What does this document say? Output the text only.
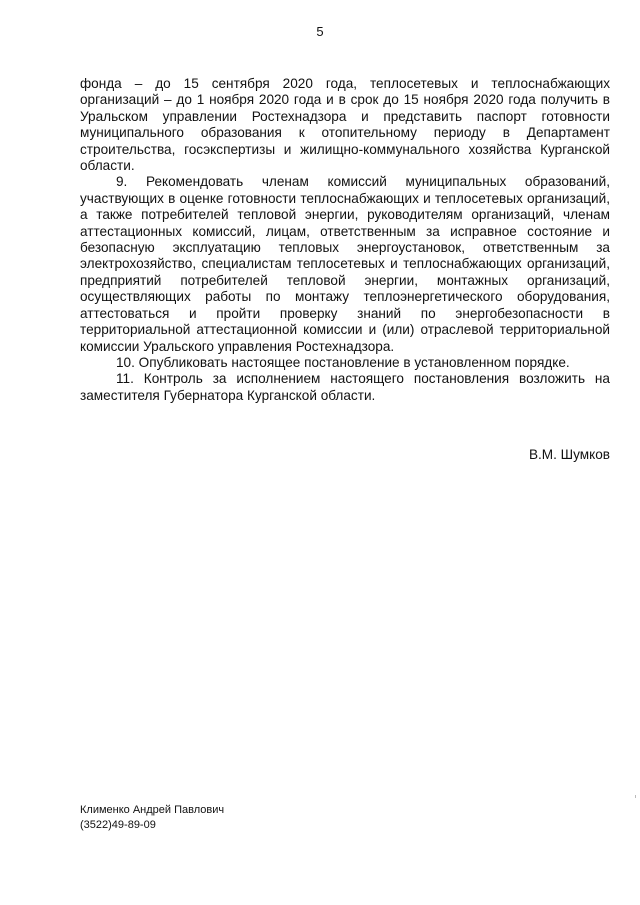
5

фонда – до 15 сентября 2020 года, теплосетевых и теплоснабжающих организаций – до 1 ноября 2020 года и в срок до 15 ноября 2020 года получить в Уральском управлении Ростехнадзора и представить паспорт готовности муниципального образования к отопительному периоду в Департамент строительства, госэкспертизы и жилищно-коммунального хозяйства Курганской области.

9. Рекомендовать членам комиссий муниципальных образований, участвующих в оценке готовности теплоснабжающих и теплосетевых организаций, а также потребителей тепловой энергии, руководителям организаций, членам аттестационных комиссий, лицам, ответственным за исправное состояние и безопасную эксплуатацию тепловых энергоустановок, ответственным за электрохозяйство, специалистам теплосетевых и теплоснабжающих организаций, предприятий потребителей тепловой энергии, монтажных организаций, осуществляющих работы по монтажу теплоэнергетического оборудования, аттестоваться и пройти проверку знаний по энергобезопасности в территориальной аттестационной комиссии и (или) отраслевой территориальной комиссии Уральского управления Ростехнадзора.

10. Опубликовать настоящее постановление в установленном порядке.

11. Контроль за исполнением настоящего постановления возложить на заместителя Губернатора Курганской области.

В.М. Шумков
Клименко Андрей Павлович
(3522)49-89-09
